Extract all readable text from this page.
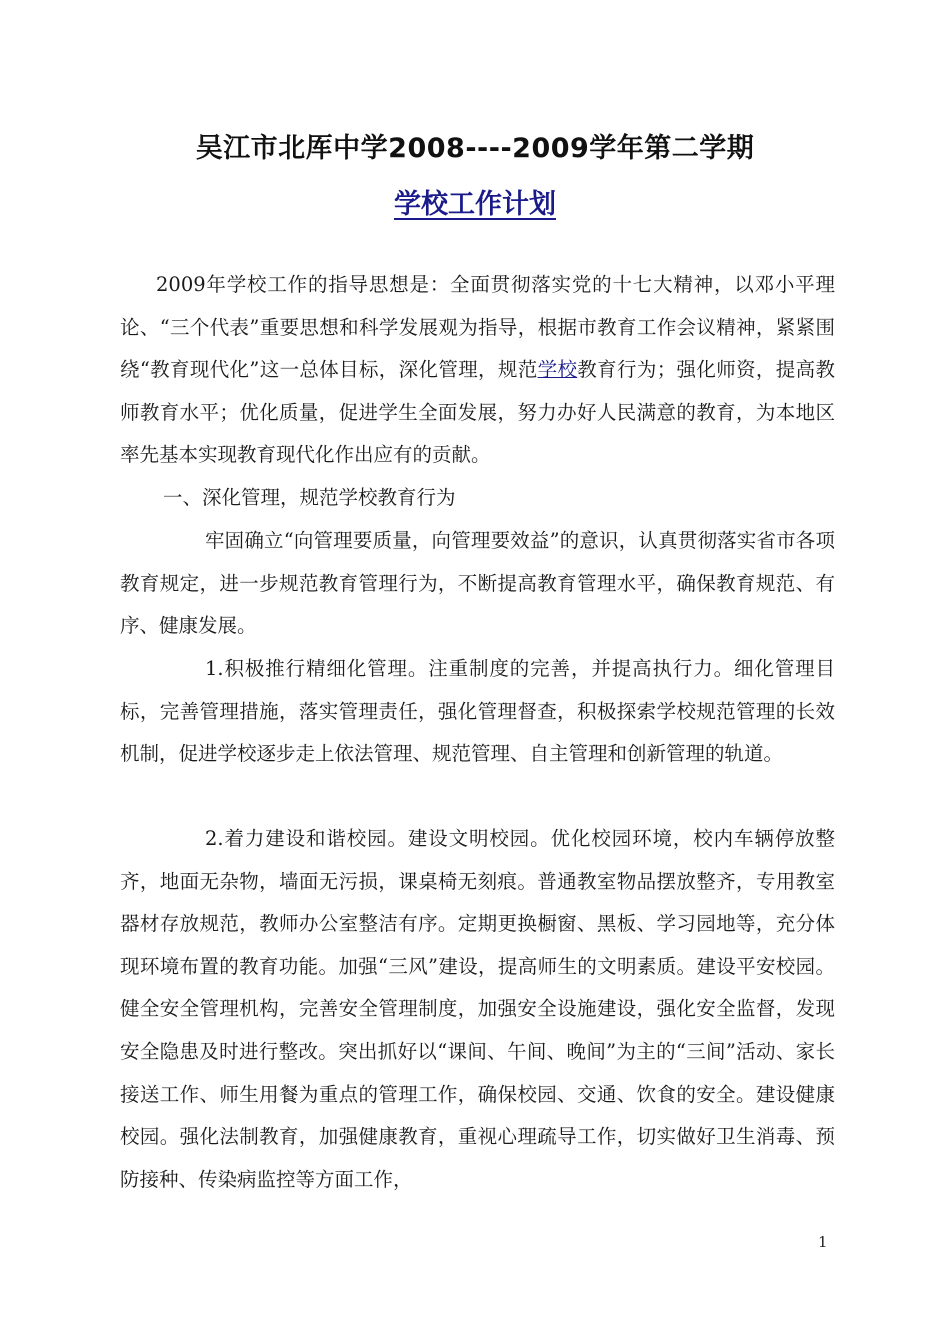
吴江市北厍中学2008----2009学年第二学期
学校工作计划
2009年学校工作的指导思想是：全面贯彻落实党的十七大精神，以邓小平理论、“三个代表”重要思想和科学发展观为指导，根据市教育工作会议精神，紧紧围绕“教育现代化”这一总体目标，深化管理，规范学校教育行为；强化师资，提高教师教育水平；优化质量，促进学生全面发展，努力办好人民满意的教育，为本地区率先基本实现教育现代化作出应有的贡献。
一、深化管理，规范学校教育行为
牢固确立“向管理要质量，向管理要效益”的意识，认真贯彻落实省市各项教育规定，进一步规范教育管理行为，不断提高教育管理水平，确保教育规范、有序、健康发展。
1.积极推行精细化管理。注重制度的完善，并提高执行力。细化管理目标，完善管理措施，落实管理责任，强化管理督查，积极探索学校规范管理的长效机制，促进学校逐步走上依法管理、规范管理、自主管理和创新管理的轨道。
2.着力建设和谐校园。建设文明校园。优化校园环境，校内车辆停放整齐，地面无杂物，墙面无污损，课桌椅无刻痕。普通教室物品摆放整齐，专用教室器材存放规范，教师办公室整洁有序。定期更换橱窗、黑板、学习园地等，充分体现环境布置的教育功能。加强“三风”建设，提高师生的文明素质。建设平安校园。健全安全管理机构，完善安全管理制度，加强安全设施建设，强化安全监督，发现安全隐患及时进行整改。突出抓好以“课间、午间、晚间”为主的“三间”活动、家长接送工作、师生用餐为重点的管理工作，确保校园、交通、饮食的安全。建设健康校园。强化法制教育，加强健康教育，重视心理疏导工作，切实做好卫生消毒、预防接种、传染病监控等方面工作，
1
